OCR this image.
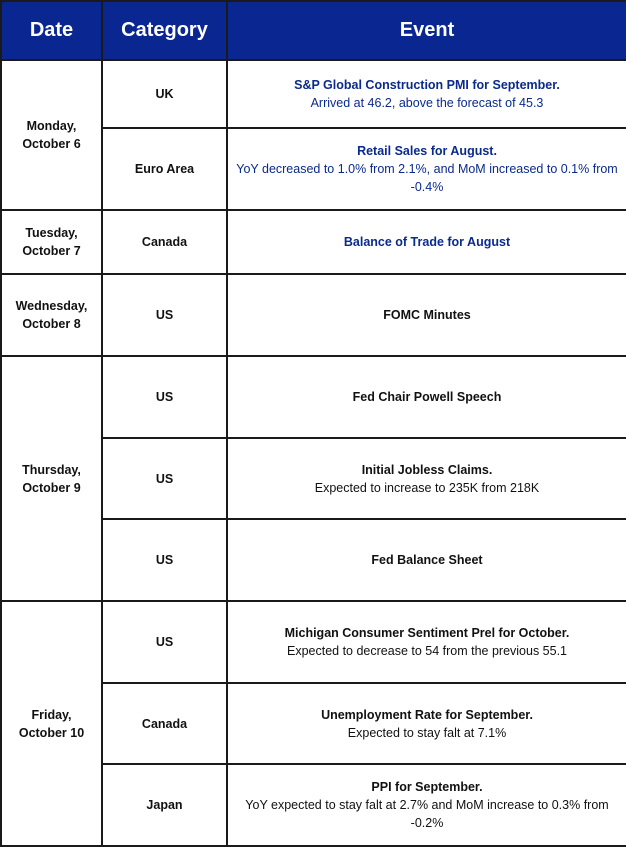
Date	Category	Event
Monday,
October 6	UK	S&P Global Construction PMI for September.
Arrived at 46.2, above the forecast of 45.3

	Euro Area	Retail Sales for August.
YoY decreased to 1.0% from 2.1%, and MoM increased to 0.1% from -0.4%

Tuesday,
October 7	Canada	Balance of Trade for August

Wednesday,
October 8	US	FOMC Minutes

Thursday,
October 9	US	Fed Chair Powell Speech

	US	Initial Jobless Claims.
Expected to increase to 235K from 218K

	US	Fed Balance Sheet

Friday,
October 10	US	Michigan Consumer Sentiment Prel for October.
Expected to decrease to 54 from the previous 55.1

	Canada	Unemployment Rate for September.
Expected to stay falt at 7.1%

	Japan	PPI for September.
YoY expected to stay falt at 2.7% and MoM increase to 0.3% from -0.2%
